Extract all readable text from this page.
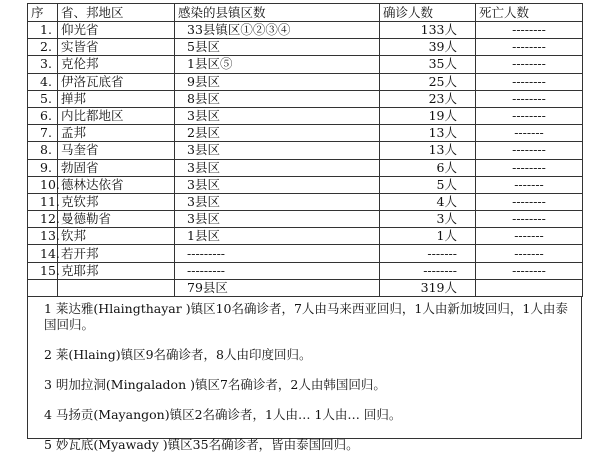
序	省、邦地区	感染的县镇区数	确诊人数	死亡人数
1.	仰光省	33县镇区①②③④	133人	--------
2.	实皆省	5县区	39人	--------
3.	克伦邦	1县区⑤	35人	--------
4.	伊洛瓦底省	9县区	25人	--------
5.	掸邦	8县区	23人	--------
6.	内比都地区	3县区	19人	--------
7.	孟邦	2县区	13人	-------
8.	马奎省	3县区	13人	--------
9.	勃固省	3县区	6人	--------
10.	德林达依省	3县区	5人	-------
11.	克钦邦	3县区	4人	--------
12.	曼德勒省	3县区	3人	--------
13.	钦邦	1县区	1人	-------
14.	若开邦	---------	-------	-------
15.	克耶邦	---------	--------	--------
		79县区	319人	

1 莱达雅(Hlaingthayar )镇区10名确诊者，7人由马来西亚回归，1人由新加坡回归，1人由泰国回归。

2 莱(Hlaing)镇区9名确诊者，8人由印度回归。

3 明加拉洞(Mingaladon )镇区7名确诊者，2人由韩国回归。

4 马扬贡(Mayangon)镇区2名确诊者，1人由… 1人由… 回归。

5 妙瓦底(Myawady )镇区35名确诊者，皆由泰国回归。
